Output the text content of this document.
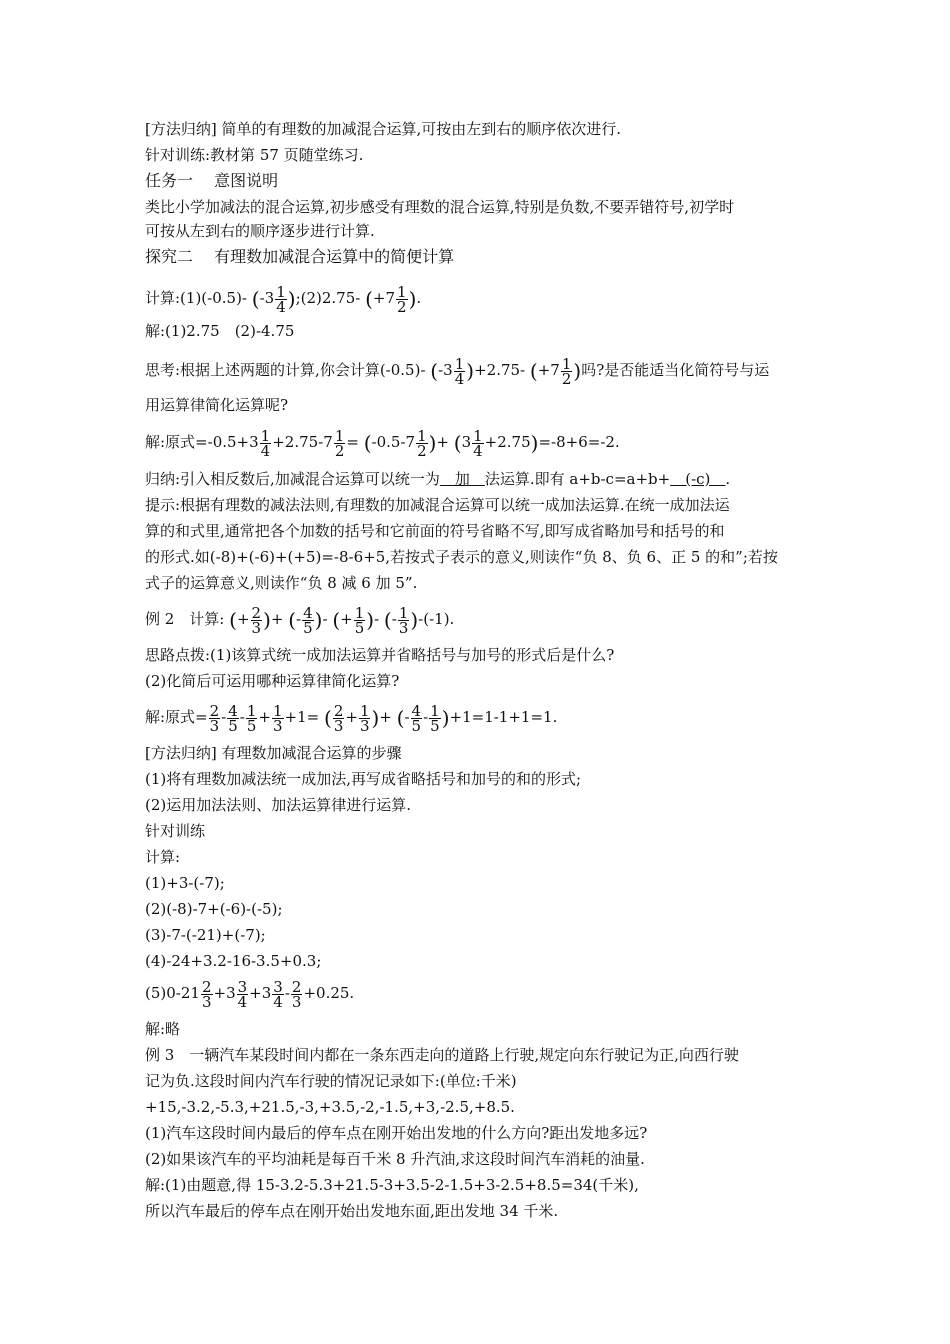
[方法归纳] 简单的有理数的加减混合运算,可按由左到右的顺序依次进行.
针对训练:教材第 57 页随堂练习.
任务一　 意图说明
类比小学加减法的混合运算,初步感受有理数的混合运算,特别是负数,不要弄错符号,初学时
可按从左到右的顺序逐步进行计算.
探究二　 有理数加减混合运算中的简便计算
计算:(1)(-0.5)- ($-3 \frac{1}{4}$ );(2)2.75- ($+7 \frac{1}{2}$ ).
解:(1)2.75　(2)-4.75
思考:根据上述两题的计算,你会计算(-0.5)- $(-3 \frac{1}{4} )+2.75-$ ($+7 \frac{1}{2}$ )吗?是否能适当化简符号与运
用运算律简化运算呢?
解:原式$=-0.5+3 \frac{1}{4} +2.75-7 \frac{1}{2} = (-0.5-7 \frac{1}{2}$ )+ $(3 \frac{1}{4} +2.75)=-8+6=-2$.
归纳:引入相反数后,加减混合运算可以统一为　加　法运算.即有 a+b-c=a+b+　(-c)　.
提示:根据有理数的减法法则,有理数的加减混合运算可以统一成加法运算.在统一成加法运
算的和式里,通常把各个加数的括号和它前面的符号省略不写,即写成省略加号和括号的和
的形式.如(-8)+(-6)+(+5)=-8-6+5,若按式子表示的意义,则读作“负 8、负 6、正 5 的和”;若按
式子的运算意义,则读作“负 8 减 6 加 5”.
例 2　计算: (+ $\frac{2}{3}$ )+ (- $\frac{4}{5}$ )- (+ $\frac{1}{5}$ )- (- $\frac{1}{3} )-(-1)$.
思路点拨:(1)该算式统一成加法运算并省略括号与加号的形式后是什么?
(2)化简后可运用哪种运算律简化运算?
解:原式= $\frac{2}{3} - \frac{4}{5} - \frac{1}{5} + \frac{1}{3} +1=$ ( $\frac{2}{3} + \frac{1}{3}$ )+ (- $\frac{4}{5} - \frac{1}{5} )+1=1-1+1=1$.
[方法归纳] 有理数加减混合运算的步骤
(1)将有理数加减法统一成加法,再写成省略括号和加号的和的形式;
(2)运用加法法则、加法运算律进行运算.
针对训练
计算:
(1)+3-(-7);
(2)(-8)-7+(-6)-(-5);
(3)-7-(-21)+(-7);
(4)-24+3.2-16-3.5+0.3;
$(5)0-21 \frac{2}{3} +3 \frac{3}{4} +3 \frac{3}{4} - \frac{2}{3} +0.25$.
解:略
例 3　一辆汽车某段时间内都在一条东西走向的道路上行驶,规定向东行驶记为正,向西行驶
记为负.这段时间内汽车行驶的情况记录如下:(单位:千米)
+15,-3.2,-5.3,+21.5,-3,+3.5,-2,-1.5,+3,-2.5,+8.5.
(1)汽车这段时间内最后的停车点在刚开始出发地的什么方向?距出发地多远?
(2)如果该汽车的平均油耗是每百千米 8 升汽油,求这段时间汽车消耗的油量.
解:(1)由题意,得 15-3.2-5.3+21.5-3+3.5-2-1.5+3-2.5+8.5=34(千米),
所以汽车最后的停车点在刚开始出发地东面,距出发地 34 千米.
